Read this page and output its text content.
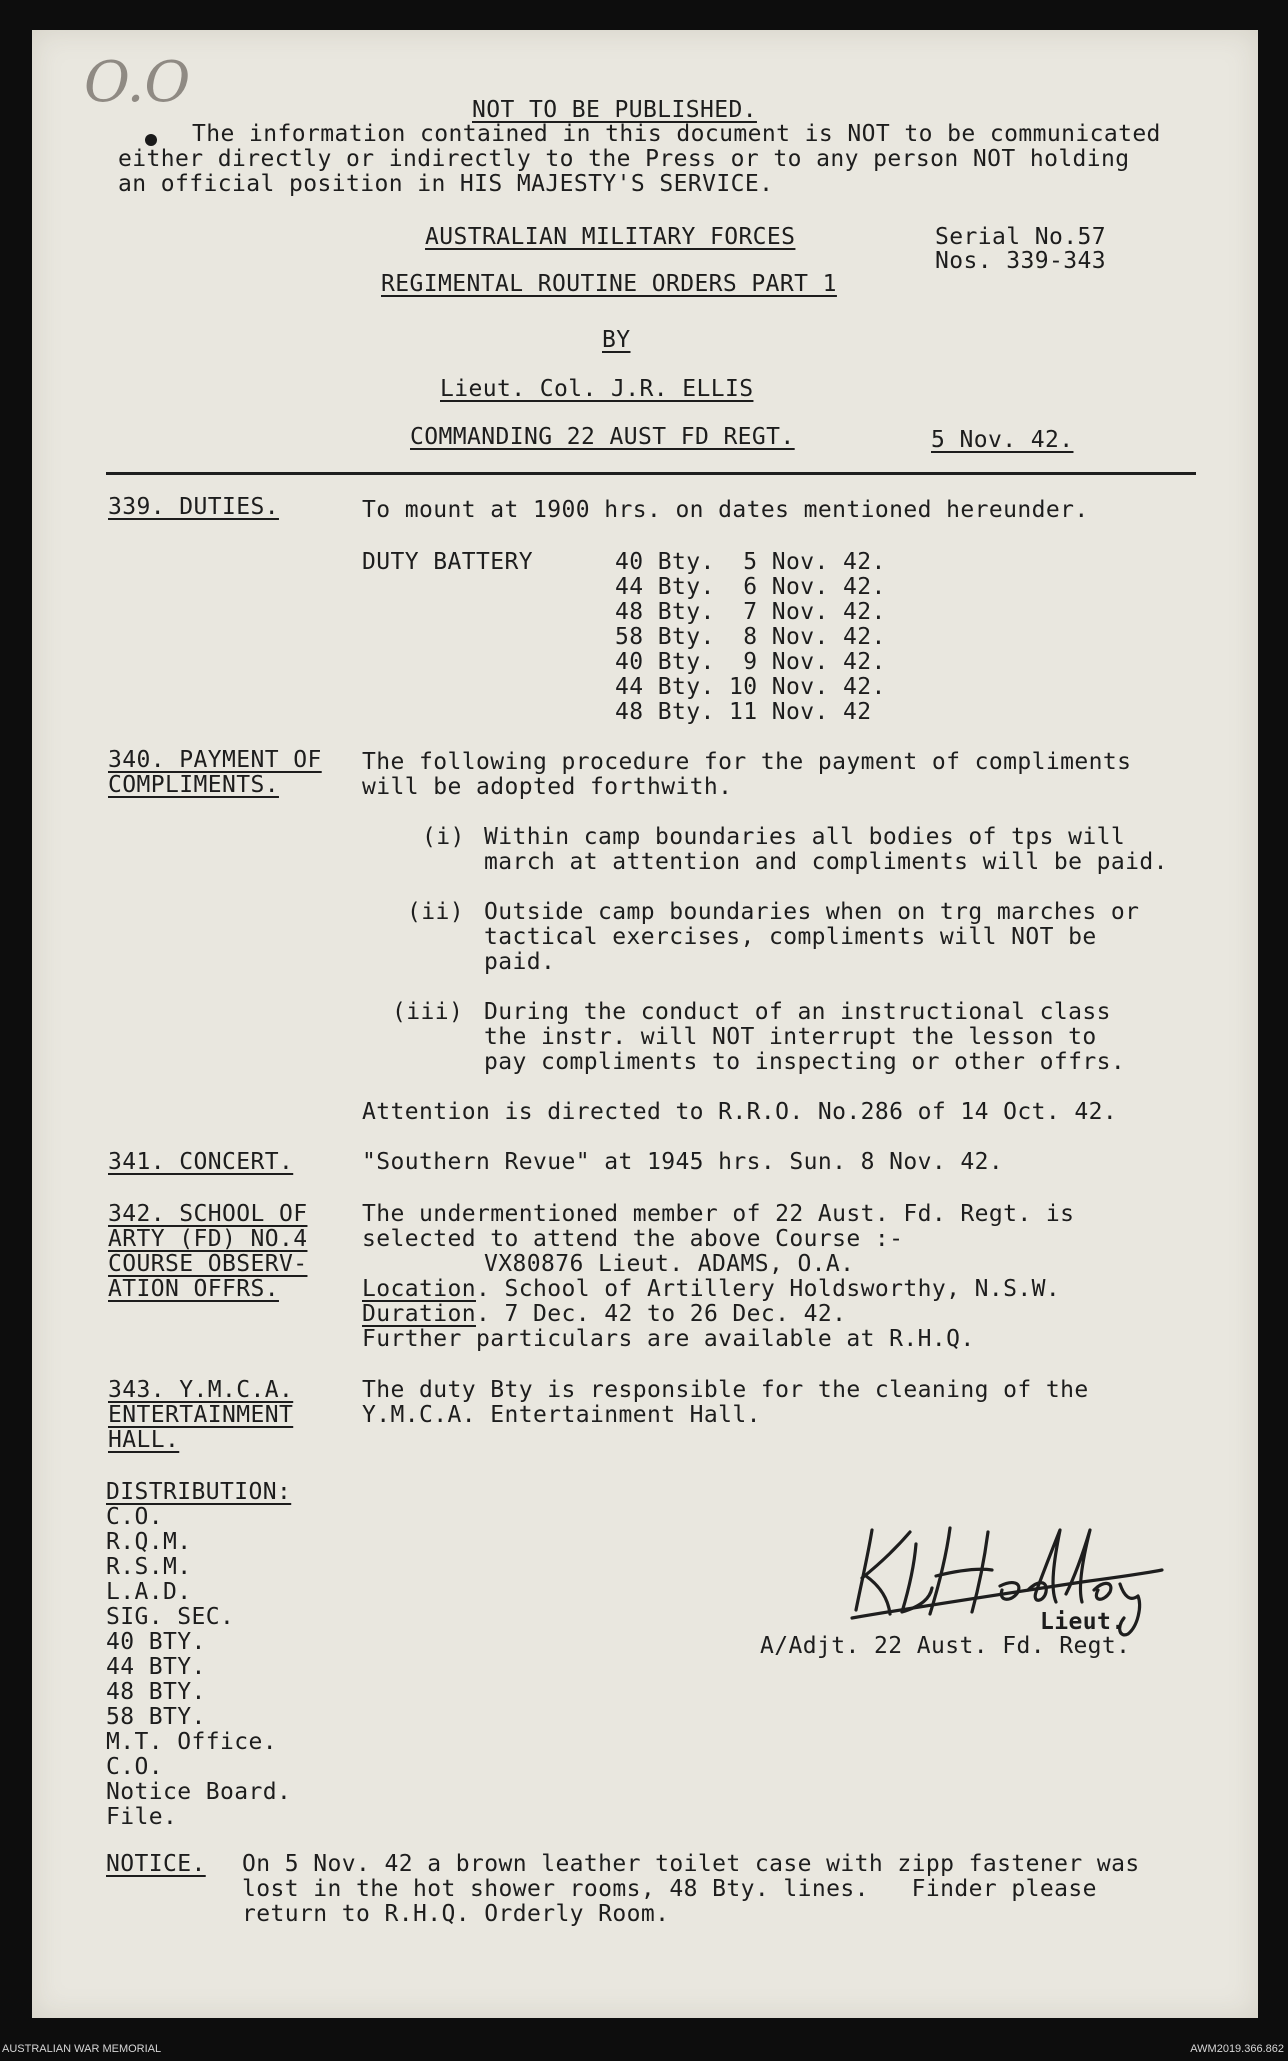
O.O	NOT TO BE PUBLISHED.
The information contained in this document is NOT to be communicated
either directly or indirectly to the Press or to any person NOT holding
an official position in HIS MAJESTY'S SERVICE.
AUSTRALIAN MILITARY FORCES
REGIMENTAL ROUTINE ORDERS PART 1
BY
Lieut. Col. J.R. ELLIS
COMMANDING 22 AUST FD REGT.
Serial No.57
Nos. 339-343
5 Nov. 42.
339. DUTIES.	To mount at 1900 hrs. on dates mentioned hereunder.
DUTY BATTERY	40 Bty.  5 Nov. 42.
44 Bty.  6 Nov. 42.
48 Bty.  7 Nov. 42.
58 Bty.  8 Nov. 42.
40 Bty.  9 Nov. 42.
44 Bty. 10 Nov. 42.
48 Bty. 11 Nov. 42
340. PAYMENT OF
COMPLIMENTS.
The following procedure for the payment of compliments
will be adopted forthwith.
(i) Within camp boundaries all bodies of tps will
march at attention and compliments will be paid.
(ii) Outside camp boundaries when on trg marches or
tactical exercises, compliments will NOT be
paid.
(iii) During the conduct of an instructional class
the instr. will NOT interrupt the lesson to
pay compliments to inspecting or other offrs.
Attention is directed to R.R.O. No.286 of 14 Oct. 42.
341. CONCERT.	"Southern Revue" at 1945 hrs. Sun. 8 Nov. 42.
342. SCHOOL OF
ARTY (FD) NO.4
COURSE OBSERV-
ATION OFFRS.
The undermentioned member of 22 Aust. Fd. Regt. is
selected to attend the above Course :-
VX80876 Lieut. ADAMS, O.A.
Location. School of Artillery Holdsworthy, N.S.W.
Duration. 7 Dec. 42 to 26 Dec. 42.
Further particulars are available at R.H.Q.
343. Y.M.C.A.
ENTERTAINMENT
HALL.
The duty Bty is responsible for the cleaning of the
Y.M.C.A. Entertainment Hall.
DISTRIBUTION:
C.O.
R.Q.M.
R.S.M.
L.A.D.
SIG. SEC.
40 BTY.
44 BTY.
48 BTY.
58 BTY.
M.T. Office.
C.O.
Notice Board.
File.
Lieut.
A/Adjt. 22 Aust. Fd. Regt.
NOTICE. On 5 Nov. 42 a brown leather toilet case with zipp fastener was
lost in the hot shower rooms, 48 Bty. lines.   Finder please
return to R.H.Q. Orderly Room.
AUSTRALIAN WAR MEMORIAL	AWM2019.366.862
